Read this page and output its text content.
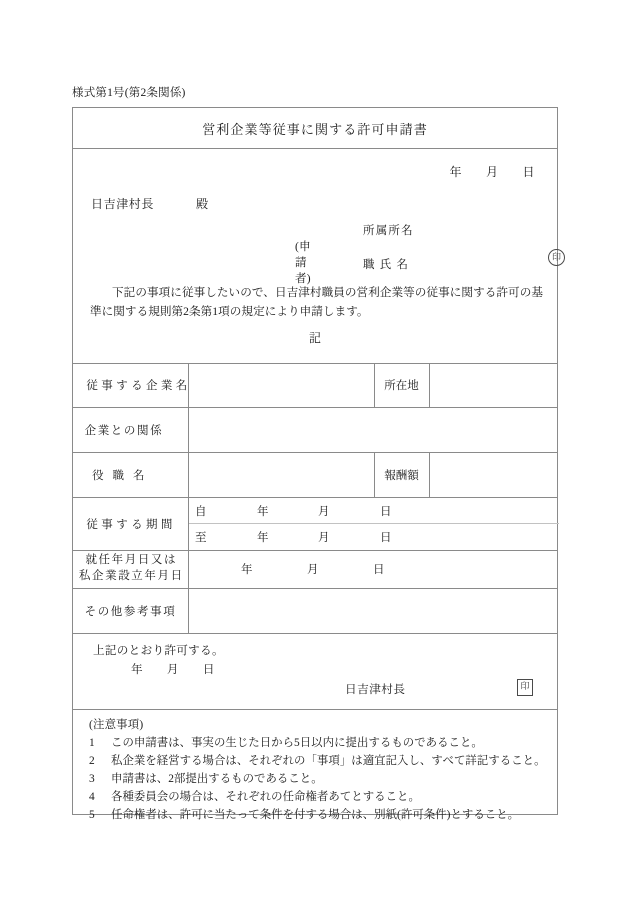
様式第1号(第2条関係)
営利企業等従事に関する許可申請書
年 月 日
日吉津村長	殿
(申請者)
所属所名
職 氏 名
印
下記の事項に従事したいので、日吉津村職員の営利企業等の従事に関する許可の基準に関する規則第2条第1項の規定により申請します。
記
従事する企業名	所在地
企業との関係
役職名	報酬額
従事する期間
自	年	月	日
至	年	月	日
就任年月日又は
私企業設立年月日	年	月	日
その他参考事項
上記のとおり許可する。
年 月 日
日吉津村長	印
(注意事項)
1	この申請書は、事実の生じた日から5日以内に提出するものであること。
2	私企業を経営する場合は、それぞれの「事項」は適宜記入し、すべて詳記すること。
3	申請書は、2部提出するものであること。
4	各種委員会の場合は、それぞれの任命権者あてとすること。
5	任命権者は、許可に当たって条件を付する場合は、別紙(許可条件)とすること。
